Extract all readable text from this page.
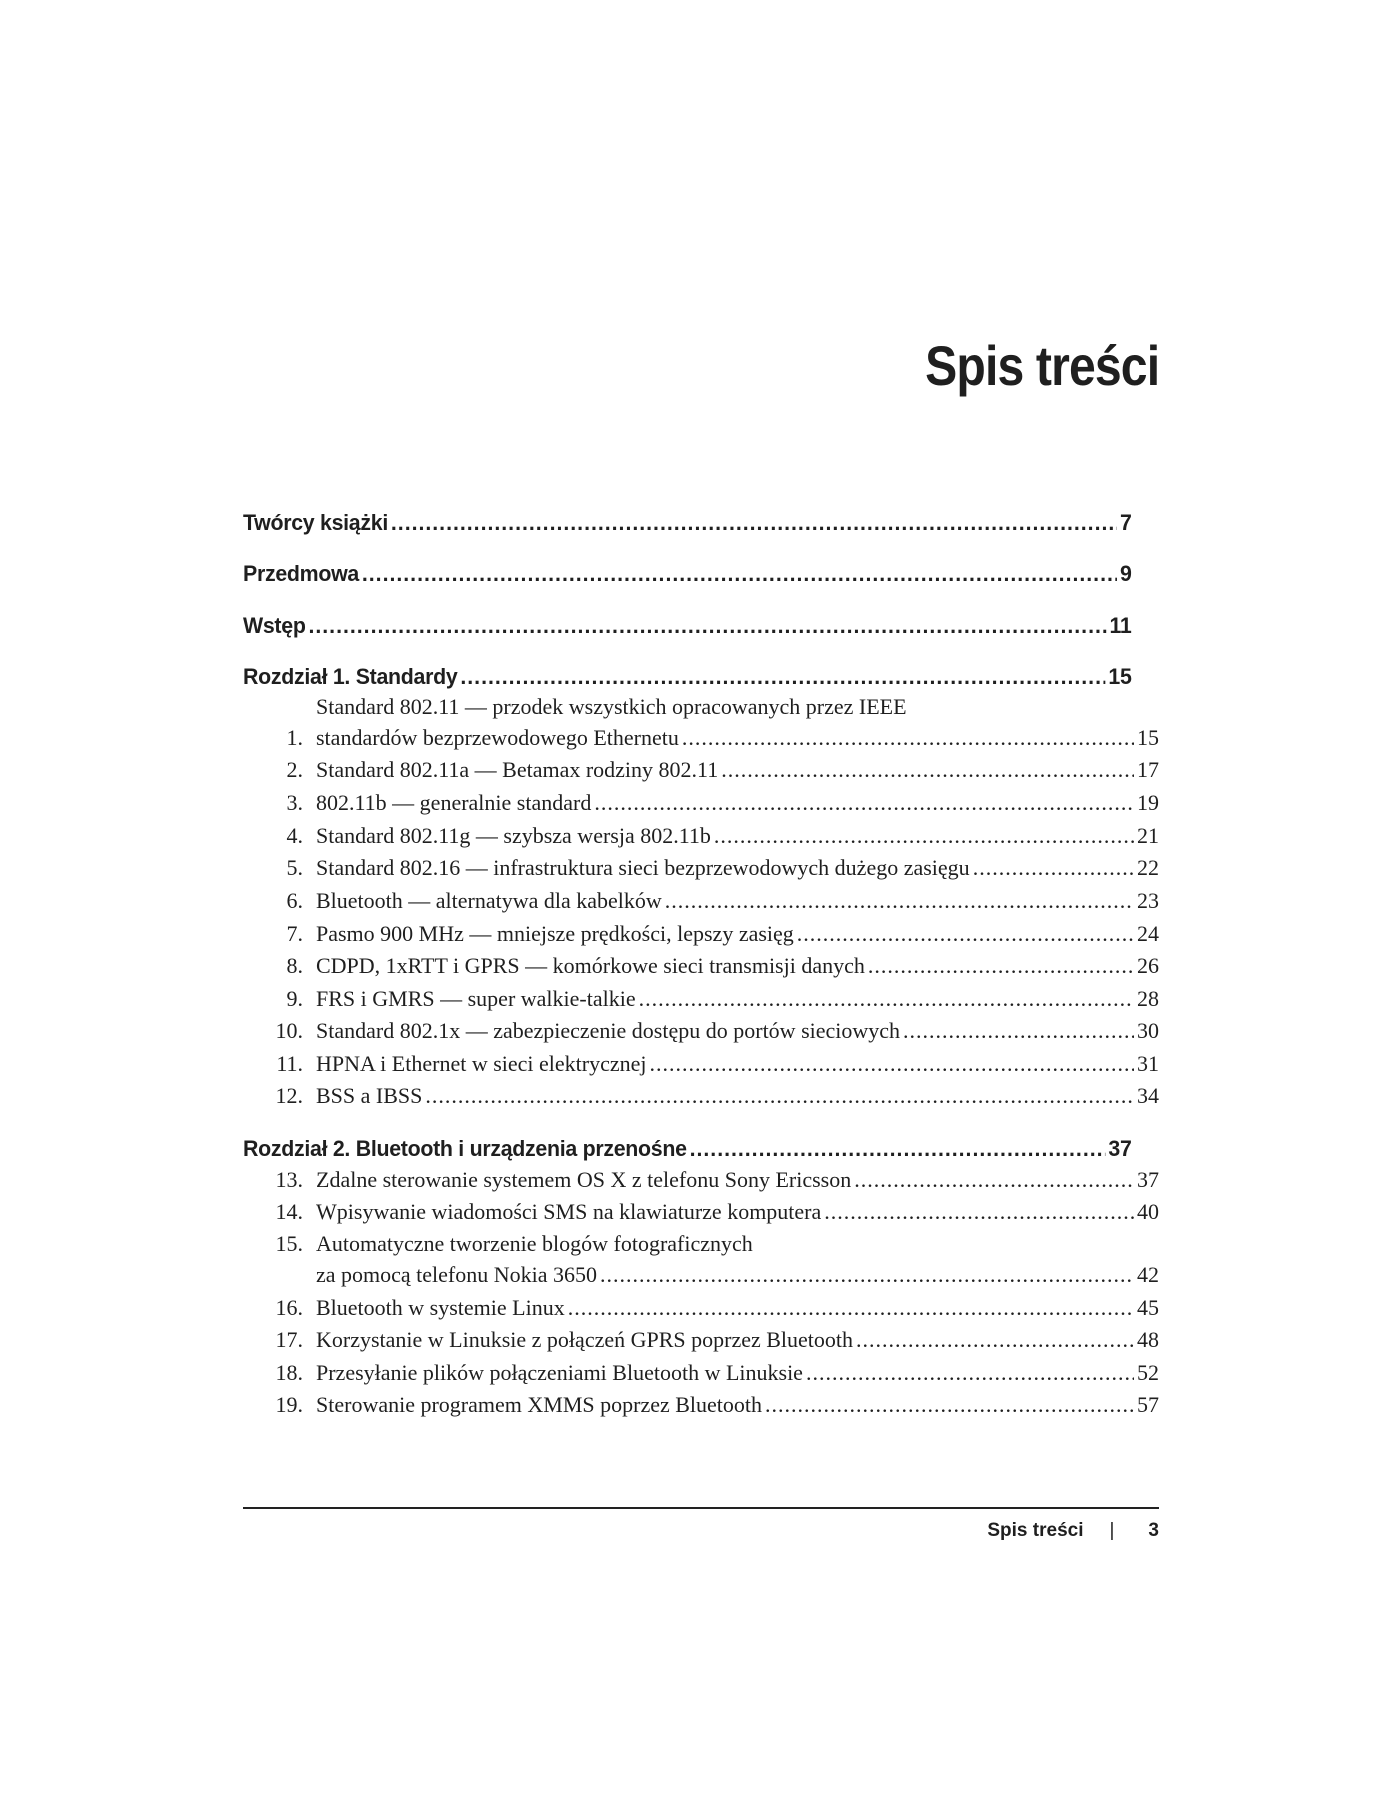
Spis treści
Twórcy książki .....	7
Przedmowa .....	9
Wstęp .....	11
Rozdział 1. Standardy .....	15
1.
Standard 802.11 — przodek wszystkich opracowanych przez IEEE
standardów bezprzewodowego Ethernetu .....	15
2. Standard 802.11a — Betamax rodziny 802.11 .....	17
3. 802.11b — generalnie standard .....	19
4. Standard 802.11g — szybsza wersja 802.11b .....	21
5. Standard 802.16 — infrastruktura sieci bezprzewodowych dużego zasięgu .....	22
6. Bluetooth — alternatywa dla kabelków .....	23
7. Pasmo 900 MHz — mniejsze prędkości, lepszy zasięg .....	24
8. CDPD, 1xRTT i GPRS — komórkowe sieci transmisji danych .....	26
9. FRS i GMRS — super walkie-talkie .....	28
10. Standard 802.1x — zabezpieczenie dostępu do portów sieciowych .....	30
11. HPNA i Ethernet w sieci elektrycznej .....	31
12. BSS a IBSS .....	34
Rozdział 2. Bluetooth i urządzenia przenośne .....	37
13. Zdalne sterowanie systemem OS X z telefonu Sony Ericsson .....	37
14. Wpisywanie wiadomości SMS na klawiaturze komputera .....	40
15. Automatyczne tworzenie blogów fotograficznych
za pomocą telefonu Nokia 3650 .....	42
16. Bluetooth w systemie Linux .....	45
17. Korzystanie w Linuksie z połączeń GPRS poprzez Bluetooth .....	48
18. Przesyłanie plików połączeniami Bluetooth w Linuksie .....	52
19. Sterowanie programem XMMS poprzez Bluetooth .....	57
Spis treści | 3
